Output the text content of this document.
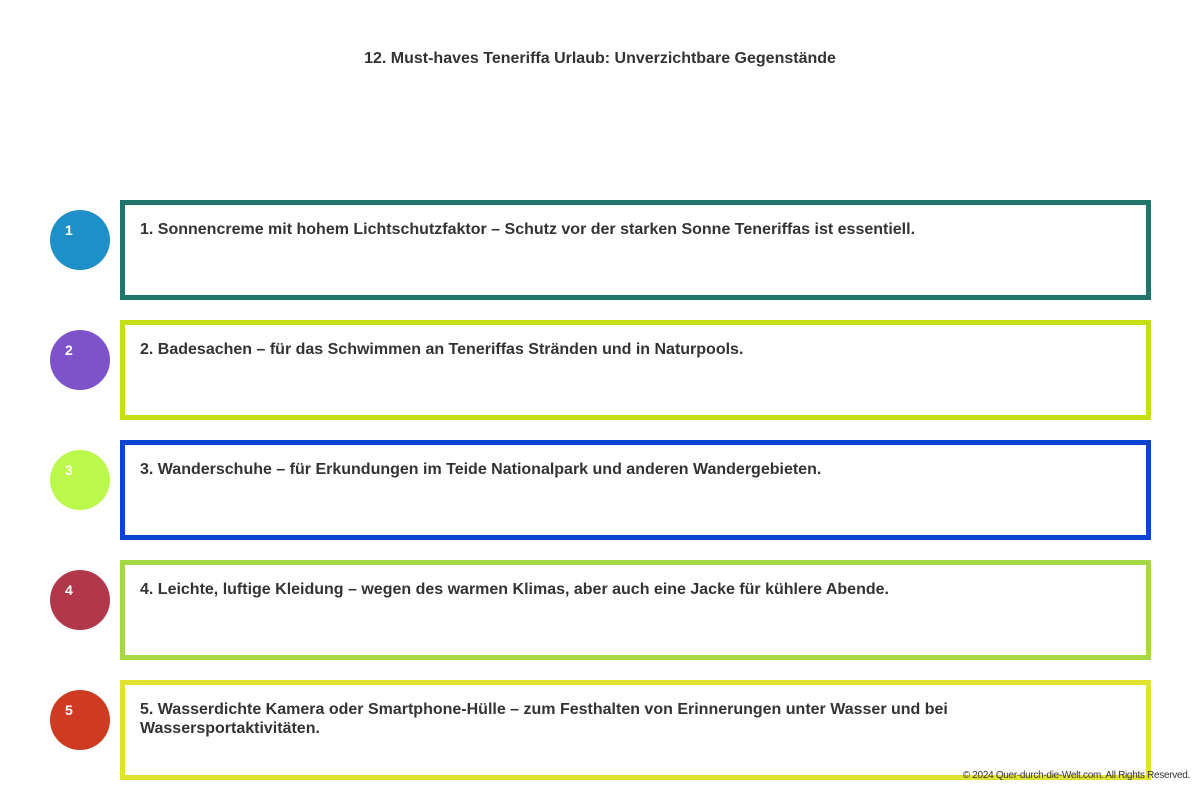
12. Must-haves Teneriffa Urlaub: Unverzichtbare Gegenstände
1	1. Sonnencreme mit hohem Lichtschutzfaktor – Schutz vor der starken Sonne Teneriffas ist essentiell.
2	2. Badesachen – für das Schwimmen an Teneriffas Stränden und in Naturpools.
3	3. Wanderschuhe – für Erkundungen im Teide Nationalpark und anderen Wandergebieten.
4	4. Leichte, luftige Kleidung – wegen des warmen Klimas, aber auch eine Jacke für kühlere Abende.
5	5. Wasserdichte Kamera oder Smartphone-Hülle – zum Festhalten von Erinnerungen unter Wasser und bei Wassersportaktivitäten.
© 2024 Quer-durch-die-Welt.com. All Rights Reserved.
